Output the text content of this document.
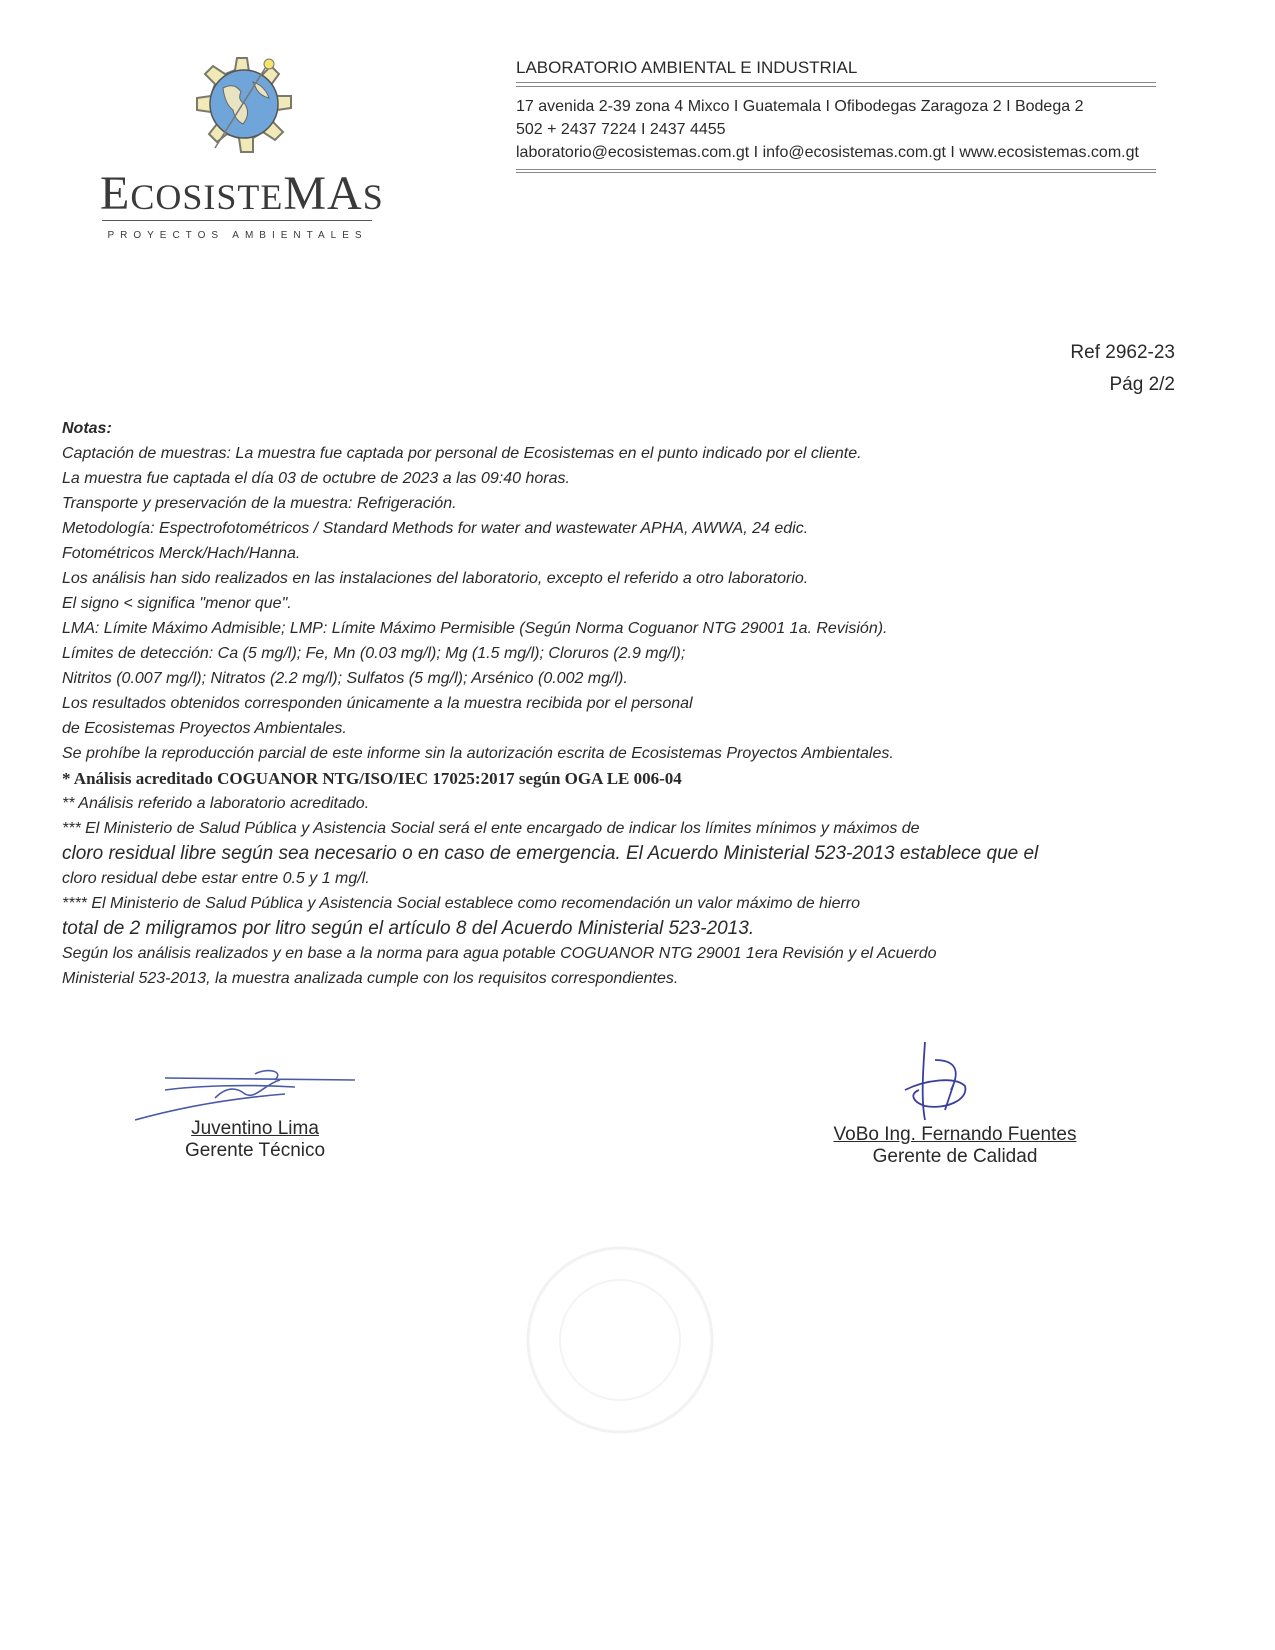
ECOSISTEMAS
PROYECTOS AMBIENTALES
LABORATORIO AMBIENTAL E INDUSTRIAL
17 avenida 2-39 zona 4 Mixco I Guatemala I Ofibodegas Zaragoza 2 I Bodega 2
502 + 2437 7224 I 2437 4455
laboratorio@ecosistemas.com.gt I info@ecosistemas.com.gt I www.ecosistemas.com.gt
Ref 2962-23
Pág 2/2

Notas:

Captación de muestras: La muestra fue captada por personal de Ecosistemas en el punto indicado por el cliente.

La muestra fue captada el día 03 de octubre de 2023 a las 09:40 horas.

Transporte y preservación de la muestra: Refrigeración.

Metodología: Espectrofotométricos / Standard Methods for water and wastewater APHA, AWWA, 24 edic.

Fotométricos Merck/Hach/Hanna.

Los análisis han sido realizados en las instalaciones del laboratorio, excepto el referido a otro laboratorio.

El signo < significa "menor que".

LMA: Límite Máximo Admisible; LMP: Límite Máximo Permisible (Según Norma Coguanor NTG 29001 1a. Revisión).

Límites de detección: Ca (5 mg/l); Fe, Mn (0.03 mg/l); Mg (1.5 mg/l); Cloruros (2.9 mg/l);

Nitritos (0.007 mg/l); Nitratos (2.2 mg/l); Sulfatos (5 mg/l); Arsénico (0.002 mg/l).

Los resultados obtenidos corresponden únicamente a la muestra recibida por el personal

de Ecosistemas Proyectos Ambientales.

Se prohíbe la reproducción parcial de este informe sin la autorización escrita de Ecosistemas Proyectos Ambientales.

* Análisis acreditado COGUANOR NTG/ISO/IEC 17025:2017 según OGA LE 006-04

** Análisis referido a laboratorio acreditado.

*** El Ministerio de Salud Pública y Asistencia Social será el ente encargado de indicar los límites mínimos y máximos de

cloro residual libre según sea necesario o en caso de emergencia. El Acuerdo Ministerial 523-2013 establece que el

cloro residual debe estar entre 0.5 y 1 mg/l.

**** El Ministerio de Salud Pública y Asistencia Social establece como recomendación un valor máximo de hierro

total de 2 miligramos por litro según el artículo 8 del Acuerdo Ministerial 523-2013.

Según los análisis realizados y en base a la norma para agua potable COGUANOR NTG 29001 1era Revisión y el Acuerdo

Ministerial 523-2013, la muestra analizada cumple con los requisitos correspondientes.

Juventino Lima
Gerente Técnico
VoBo Ing. Fernando Fuentes
Gerente de Calidad
